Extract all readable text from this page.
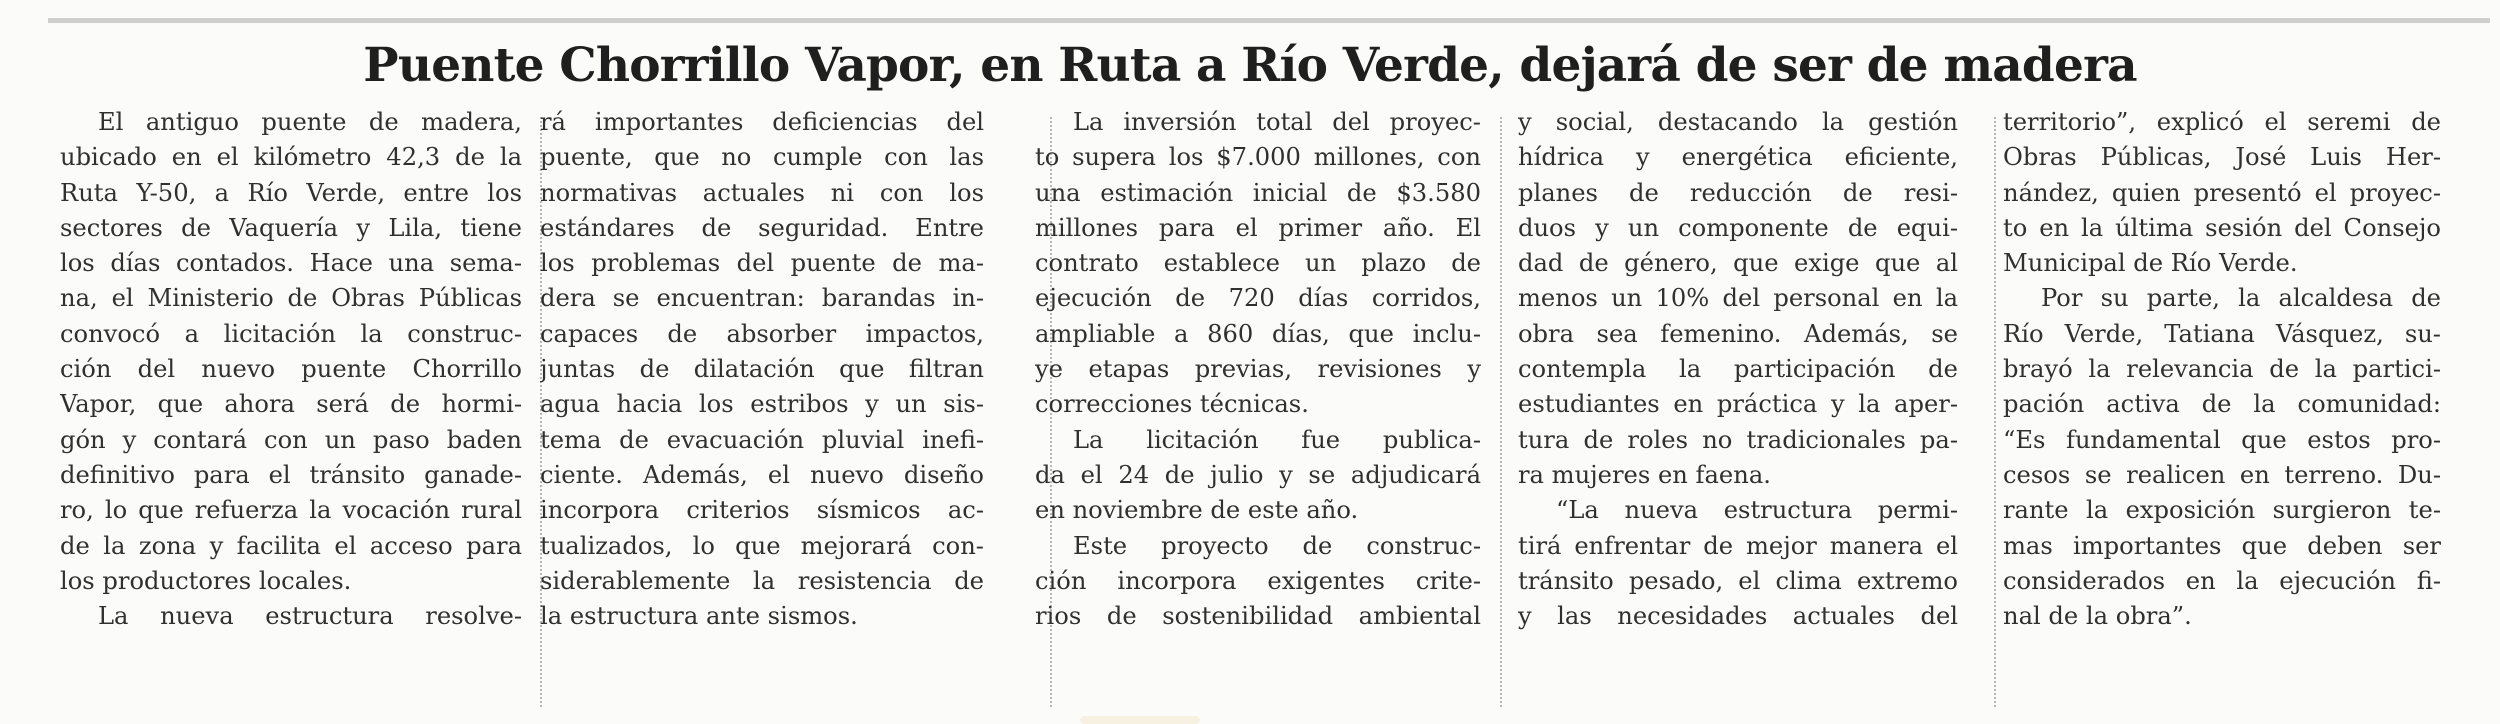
Puente Chorrillo Vapor, en Ruta a Río Verde, dejará de ser de madera
El antiguo puente de madera,
ubicado en el kilómetro 42,3 de la
Ruta Y-50, a Río Verde, entre los
sectores de Vaquería y Lila, tiene
los días contados. Hace una sema-
na, el Ministerio de Obras Públicas
convocó a licitación la construc-
ción del nuevo puente Chorrillo
Vapor, que ahora será de hormi-
gón y contará con un paso baden
definitivo para el tránsito ganade-
ro, lo que refuerza la vocación rural
de la zona y facilita el acceso para
los productores locales.
La nueva estructura resolve-
rá importantes deficiencias del
puente, que no cumple con las
normativas actuales ni con los
estándares de seguridad. Entre
los problemas del puente de ma-
dera se encuentran: barandas in-
capaces de absorber impactos,
juntas de dilatación que filtran
agua hacia los estribos y un sis-
tema de evacuación pluvial inefi-
ciente. Además, el nuevo diseño
incorpora criterios sísmicos ac-
tualizados, lo que mejorará con-
siderablemente la resistencia de
la estructura ante sismos.
La inversión total del proyec-
to supera los $7.000 millones, con
una estimación inicial de $3.580
millones para el primer año. El
contrato establece un plazo de
ejecución de 720 días corridos,
ampliable a 860 días, que inclu-
ye etapas previas, revisiones y
correcciones técnicas.
La licitación fue publica-
da el 24 de julio y se adjudicará
en noviembre de este año.
Este proyecto de construc-
ción incorpora exigentes crite-
rios de sostenibilidad ambiental
y social, destacando la gestión
hídrica y energética eficiente,
planes de reducción de resi-
duos y un componente de equi-
dad de género, que exige que al
menos un 10% del personal en la
obra sea femenino. Además, se
contempla la participación de
estudiantes en práctica y la aper-
tura de roles no tradicionales pa-
ra mujeres en faena.
“La nueva estructura permi-
tirá enfrentar de mejor manera el
tránsito pesado, el clima extremo
y las necesidades actuales del
territorio”, explicó el seremi de
Obras Públicas, José Luis Her-
nández, quien presentó el proyec-
to en la última sesión del Consejo
Municipal de Río Verde.
Por su parte, la alcaldesa de
Río Verde, Tatiana Vásquez, su-
brayó la relevancia de la partici-
pación activa de la comunidad:
“Es fundamental que estos pro-
cesos se realicen en terreno. Du-
rante la exposición surgieron te-
mas importantes que deben ser
considerados en la ejecución fi-
nal de la obra”.
